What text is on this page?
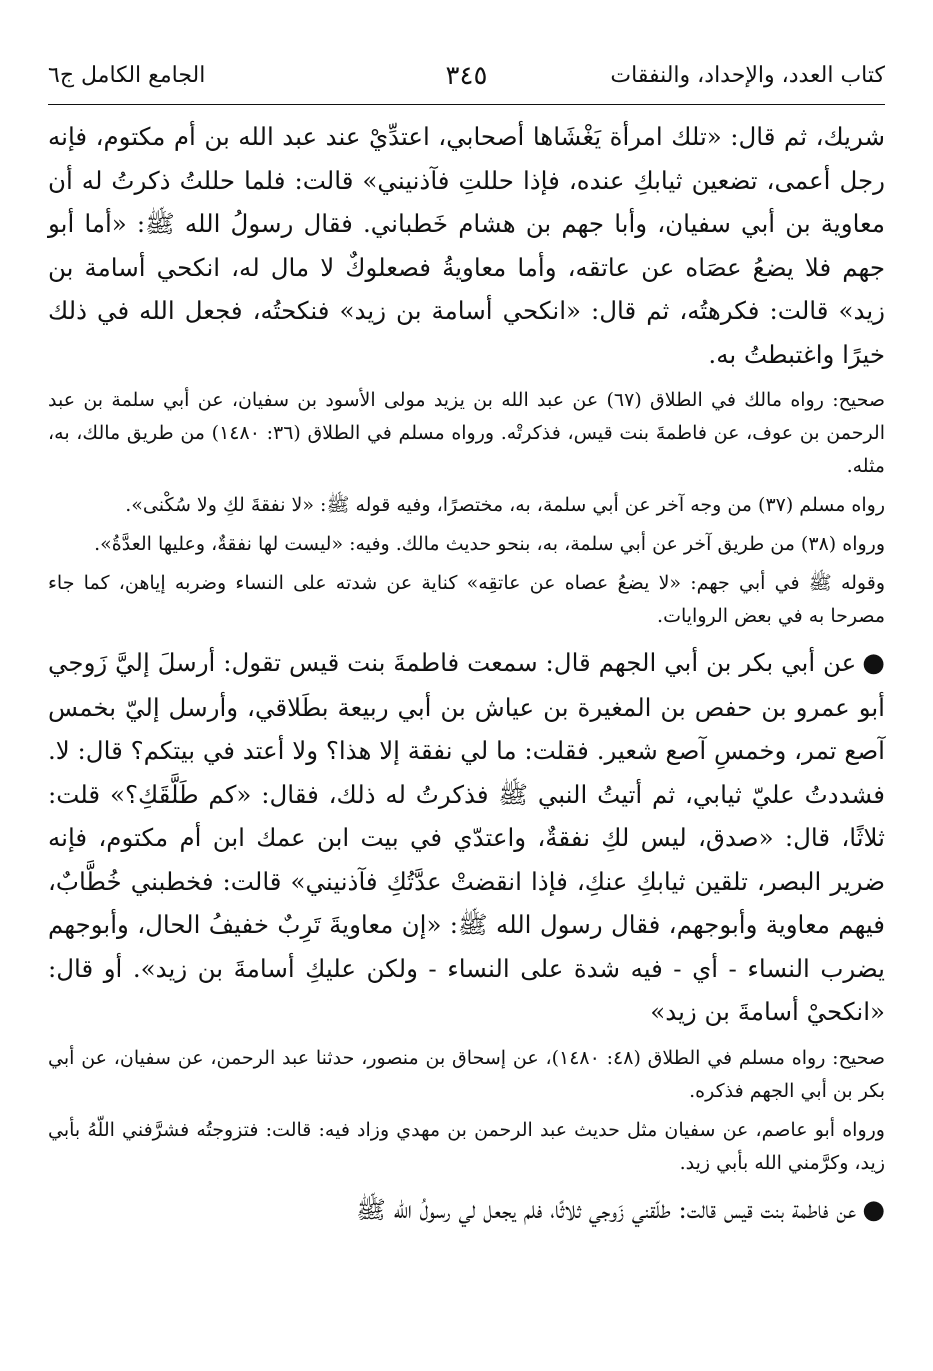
كتاب العدد، والإحداد، والنفقات
٣٤٥
الجامع الكامل ج٦

شريك، ثم قال: «تلك امرأة يَغْشَاها أصحابي، اعتدِّيْ عند عبد الله بن أم مكتوم، فإنه رجل أعمى، تضعين ثيابكِ عنده، فإذا حللتِ فآذنيني» قالت: فلما حللتُ ذكرتُ له أن معاوية بن أبي سفيان، وأبا جهم بن هشام خَطباني. فقال رسولُ الله ﷺ: «أما أبو جهم فلا يضعُ عصَاه عن عاتقه، وأما معاويةُ فصعلوكٌ لا مال له، انكحي أسامة بن زيد» قالت: فكرهتُه، ثم قال: «انكحي أسامة بن زيد» فنكحتُه، فجعل الله في ذلك خيرًا واغتبطتُ به.

صحيح: رواه مالك في الطلاق (٦٧) عن عبد الله بن يزيد مولى الأسود بن سفيان، عن أبي سلمة بن عبد الرحمن بن عوف، عن فاطمةَ بنت قيس، فذكرتْه. ورواه مسلم في الطلاق (٣٦: ١٤٨٠) من طريق مالك، به، مثله.

رواه مسلم (٣٧) من وجه آخر عن أبي سلمة، به، مختصرًا، وفيه قوله ﷺ: «لا نفقةَ لكِ ولا سُكْنى».

ورواه (٣٨) من طريق آخر عن أبي سلمة، به، بنحو حديث مالك. وفيه: «ليست لها نفقةٌ، وعليها العدَّةُ».

وقوله ﷺ في أبي جهم: «لا يضعُ عصاه عن عاتقِه» كناية عن شدته على النساء وضربه إياهن، كما جاء مصرحا به في بعض الروايات.

●عن أبي بكر بن أبي الجهم قال: سمعت فاطمةَ بنت قيس تقول: أرسلَ إليَّ زَوجي أبو عمرو بن حفص بن المغيرة بن عياش بن أبي ربيعة بطَلاقي، وأرسل إليّ بخمس آصع تمر، وخمسِ آصع شعير. فقلت: ما لي نفقة إلا هذا؟ ولا أعتد في بيتكم؟ قال: لا. فشددتُ عليّ ثيابي، ثم أتيتُ النبي ﷺ فذكرتُ له ذلك، فقال: «كم طَلَّقَكِ؟» قلت: ثلاثًا، قال: «صدق، ليس لكِ نفقةٌ، واعتدّي في بيت ابن عمك ابن أم مكتوم، فإنه ضرير البصر، تلقين ثيابكِ عنكِ، فإذا انقضتْ عدَّتُكِ فآذنيني» قالت: فخطبني خُطَّابٌ، فيهم معاوية وأبوجهم، فقال رسول الله ﷺ: «إن معاويةَ تَرِبٌ خفيفُ الحال، وأبوجهم يضرب النساء - أي - فيه شدة على النساء - ولكن عليكِ أسامةَ بن زيد». أو قال: «انكحيْ أسامةَ بن زيد»

صحيح: رواه مسلم في الطلاق (٤٨: ١٤٨٠)، عن إسحاق بن منصور، حدثنا عبد الرحمن، عن سفيان، عن أبي بكر بن أبي الجهم فذكره.

ورواه أبو عاصم، عن سفيان مثل حديث عبد الرحمن بن مهدي وزاد فيه: قالت: فتزوجتُه فشرَّفني اللّهُ بأبي زيد، وكرَّمني الله بأبي زيد.

●عن فاطمة بنت قيس قالت: طلّقني زَوجي ثلاثًا، فلم يجعل لي رسولُ الله ﷺ
